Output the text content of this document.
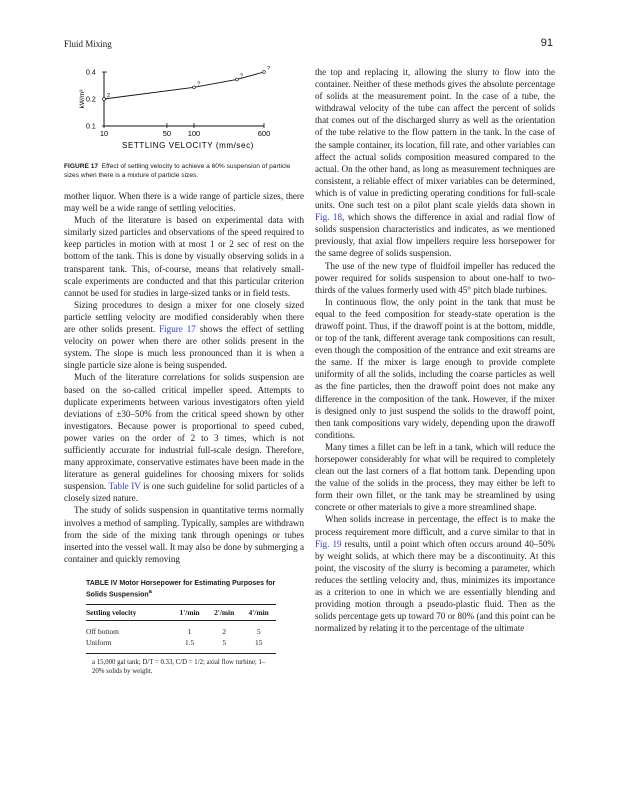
Fluid Mixing	91
10	50 100	600
0.4
0.2
0.1
2
?
?
?
SETTLING VELOCITY (mm/sec)
kW/m³
FIGURE 17 Effect of settling velocity to achieve a 60% suspension of particle sizes when there is a mixture of particle sizes.

mother liquor. When there is a wide range of particle sizes, there may well be a wide range of settling velocities.

Much of the literature is based on experimental data with similarly sized particles and observations of the speed required to keep particles in motion with at most 1 or 2 sec of rest on the bottom of the tank. This is done by visually observing solids in a transparent tank. This, of-course, means that relatively small-scale experiments are conducted and that this particular criterion cannot be used for studies in large-sized tanks or in field tests.

Sizing procedures to design a mixer for one closely sized particle settling velocity are modified considerably when there are other solids present. Figure 17 shows the effect of settling velocity on power when there are other solids present in the system. The slope is much less pronounced than it is when a single particle size alone is being suspended.

Much of the literature correlations for solids suspension are based on the so-called critical impeller speed. Attempts to duplicate experiments between various investigators often yield deviations of ±30–50% from the critical speed shown by other investigators. Because power is proportional to speed cubed, power varies on the order of 2 to 3 times, which is not sufficiently accurate for industrial full-scale design. Therefore, many approximate, conservative estimates have been made in the literature as general guidelines for choosing mixers for solids suspension. Table IV is one such guideline for solid particles of a closely sized nature.

The study of solids suspension in quantitative terms normally involves a method of sampling. Typically, samples are withdrawn from the side of the mixing tank through openings or tubes inserted into the vessel wall. It may also be done by submerging a container and quickly removing

TABLE IV Motor Horsepower for Estimating Purposes for Solids Suspension$^a$
Settling velocity	1'/min	2'/min	4'/min
Off bottom	1	2	5
Uniform	1.5	5	15
a 15,000 gal tank; D/T = 0.33, C/D = 1/2; axial flow turbine; 1–20% solids by weight.

the top and replacing it, allowing the slurry to flow into the container. Neither of these methods gives the absolute percentage of solids at the measurement point. In the case of a tube, the withdrawal velocity of the tube can affect the percent of solids that comes out of the discharged slurry as well as the orientation of the tube relative to the flow pattern in the tank. In the case of the sample container, its location, fill rate, and other variables can affect the actual solids composition measured compared to the actual. On the other hand, as long as measurement techniques are consistent, a reliable effect of mixer variables can be determined, which is of value in predicting operating conditions for full-scale units. One such test on a pilot plant scale yields data shown in Fig. 18, which shows the difference in axial and radial flow of solids suspension characteristics and indicates, as we mentioned previously, that axial flow impellers require less horsepower for the same degree of solids suspension.

The use of the new type of fluidfoil impeller has reduced the power required for solids suspension to about one-half to two-thirds of the values formerly used with 45° pitch blade turbines.

In continuous flow, the only point in the tank that must be equal to the feed composition for steady-state operation is the drawoff point. Thus, if the drawoff point is at the bottom, middle, or top of the tank, different average tank compositions can result, even though the composition of the entrance and exit streams are the same. If the mixer is large enough to provide complete uniformity of all the solids, including the coarse particles as well as the fine particles, then the drawoff point does not make any difference in the composition of the tank. However, if the mixer is designed only to just suspend the solids to the drawoff point, then tank compositions vary widely, depending upon the drawoff conditions.

Many times a fillet can be left in a tank, which will reduce the horsepower considerably for what will be required to completely clean out the last corners of a flat bottom tank. Depending upon the value of the solids in the process, they may either be left to form their own fillet, or the tank may be streamlined by using concrete or other materials to give a more streamlined shape.

When solids increase in percentage, the effect is to make the process requirement more difficult, and a curve similar to that in Fig. 19 results, until a point which often occurs around 40–50% by weight solids, at which there may be a discontinuity. At this point, the viscosity of the slurry is becoming a parameter, which reduces the settling velocity and, thus, minimizes its importance as a criterion to one in which we are essentially blending and providing motion through a pseudo-plastic fluid. Then as the solids percentage gets up toward 70 or 80% (and this point can be normalized by relating it to the percentage of the ultimate
